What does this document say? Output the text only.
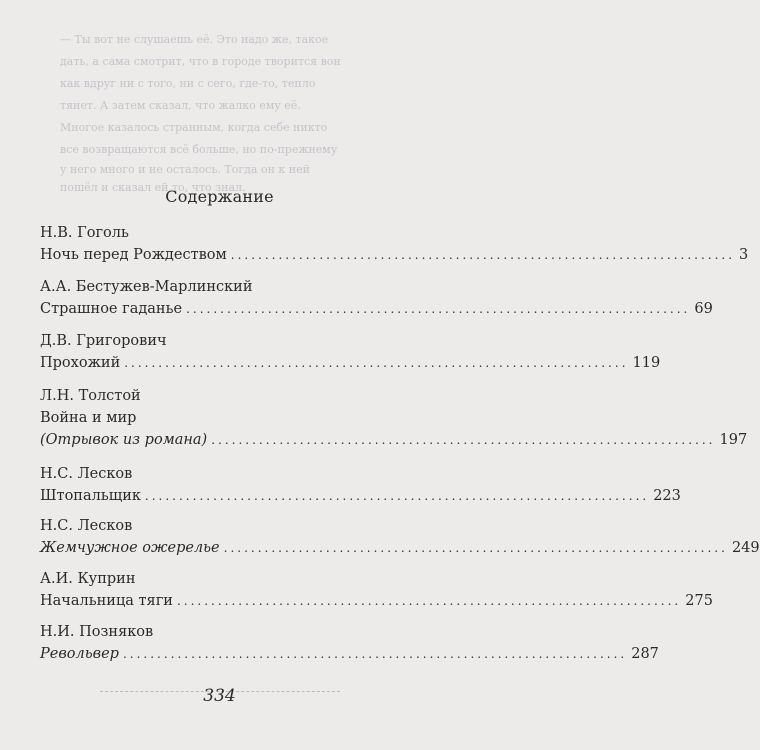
— Ты вот не слушаешь её. Это надо же, такое
дать, а сама смотрит, что в городе творится вон
как вдруг ни с того, ни с сего, где-то, тепло
тянет. А затем сказал, что жалко ему её.
Многое казалось странным, когда себе никто
все возвращаются всё больше, но по-прежнему
у него много и не осталось. Тогда он к ней
пошёл и сказал ей то, что знал.
Содержание
Н.В. Гоголь
Ночь перед Рождеством .......................................................................... 3
А.А. Бестужев-Марлинский
Страшное гаданье .......................................................................... 69
Д.В. Григорович
Прохожий .......................................................................... 119
Л.Н. Толстой
Война и мир
(Отрывок из романа) .......................................................................... 197
Н.С. Лесков
Штопальщик .......................................................................... 223
Н.С. Лесков
Жемчужное ожерелье .......................................................................... 249
А.И. Куприн
Начальница тяги .......................................................................... 275
Н.И. Позняков
Револьвер .......................................................................... 287
334
